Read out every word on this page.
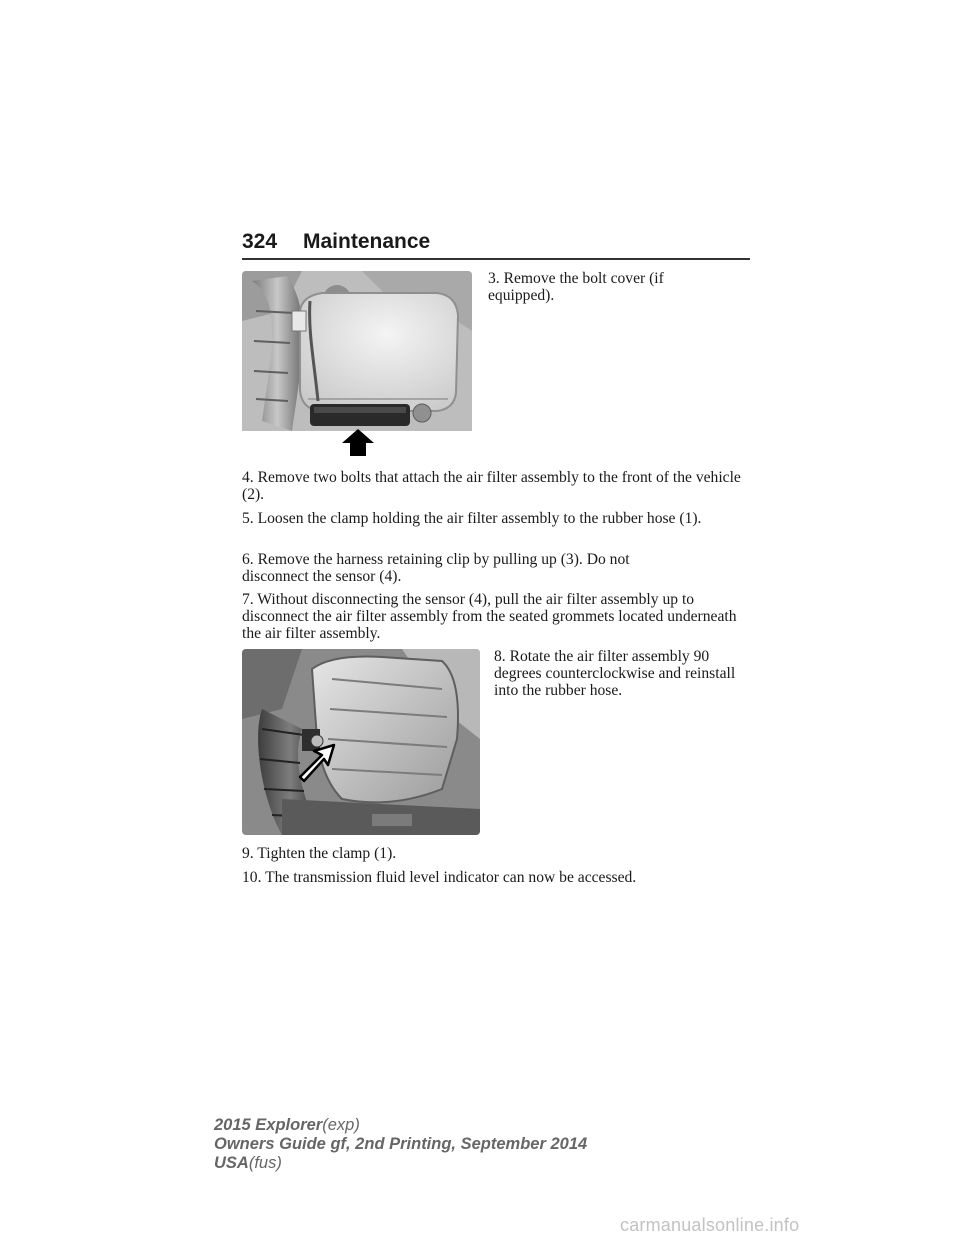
324 Maintenance

3. Remove the bolt cover (if equipped).

4. Remove two bolts that attach the air filter assembly to the front of the vehicle (2).

5. Loosen the clamp holding the air filter assembly to the rubber hose (1).

6. Remove the harness retaining clip by pulling up (3). Do not disconnect the sensor (4).

7. Without disconnecting the sensor (4), pull the air filter assembly up to disconnect the air filter assembly from the seated grommets located underneath the air filter assembly.

8. Rotate the air filter assembly 90 degrees counterclockwise and reinstall into the rubber hose.

9. Tighten the clamp (1).

10. The transmission fluid level indicator can now be accessed.

2015 Explorer(exp)
Owners Guide gf, 2nd Printing, September 2014
USA(fus)
carmanualsonline.info
